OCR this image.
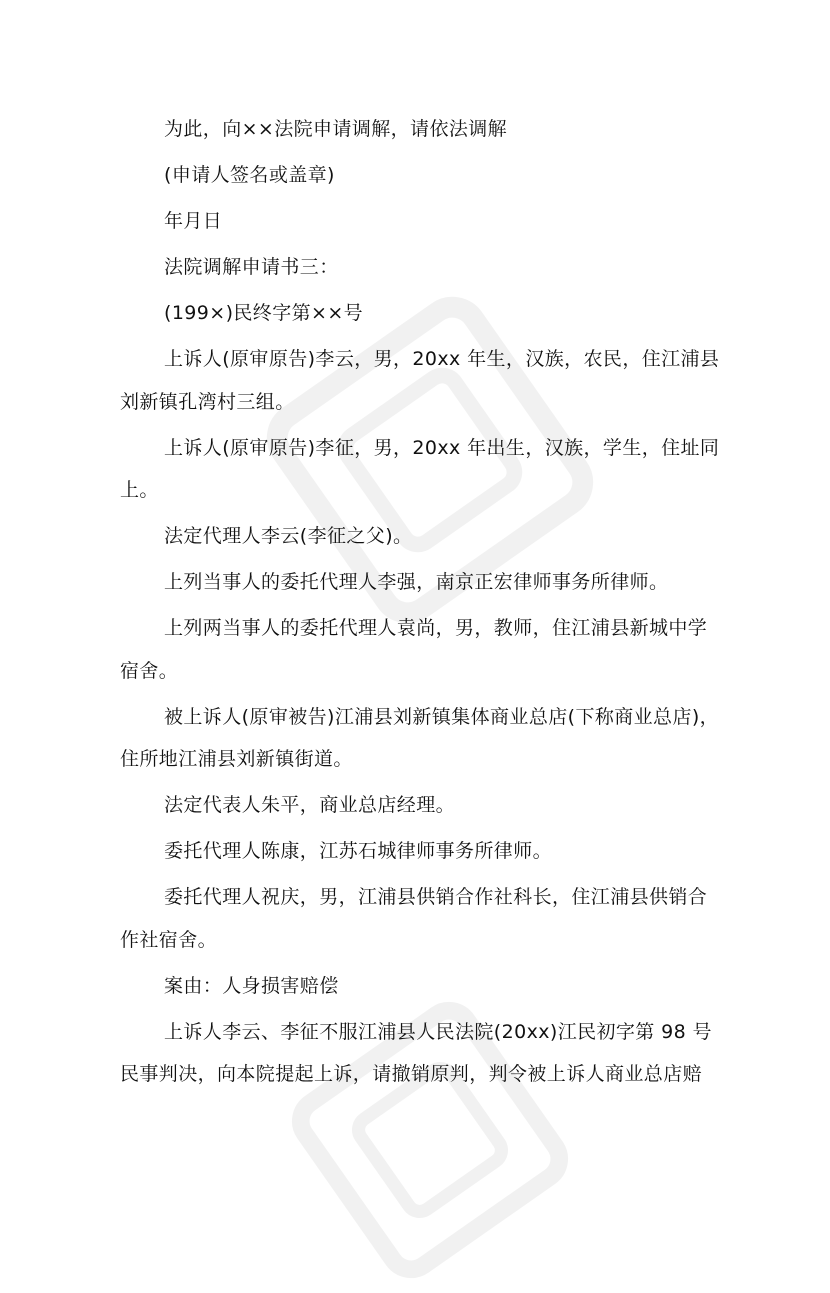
为此，向××法院申请调解，请依法调解

(申请人签名或盖章)

年月日

法院调解申请书三：

(199×)民终字第××号

上诉人(原审原告)李云，男，20xx 年生，汉族，农民，住江浦县刘新镇孔湾村三组。

上诉人(原审原告)李征，男，20xx 年出生，汉族，学生，住址同上。

法定代理人李云(李征之父)。

上列当事人的委托代理人李强，南京正宏律师事务所律师。

上列两当事人的委托代理人袁尚，男，教师，住江浦县新城中学宿舍。

被上诉人(原审被告)江浦县刘新镇集体商业总店(下称商业总店)，住所地江浦县刘新镇街道。

法定代表人朱平，商业总店经理。

委托代理人陈康，江苏石城律师事务所律师。

委托代理人祝庆，男，江浦县供销合作社科长，住江浦县供销合作社宿舍。

案由：人身损害赔偿

上诉人李云、李征不服江浦县人民法院(20xx)江民初字第 98 号民事判决，向本院提起上诉，请撤销原判，判令被上诉人商业总店赔
